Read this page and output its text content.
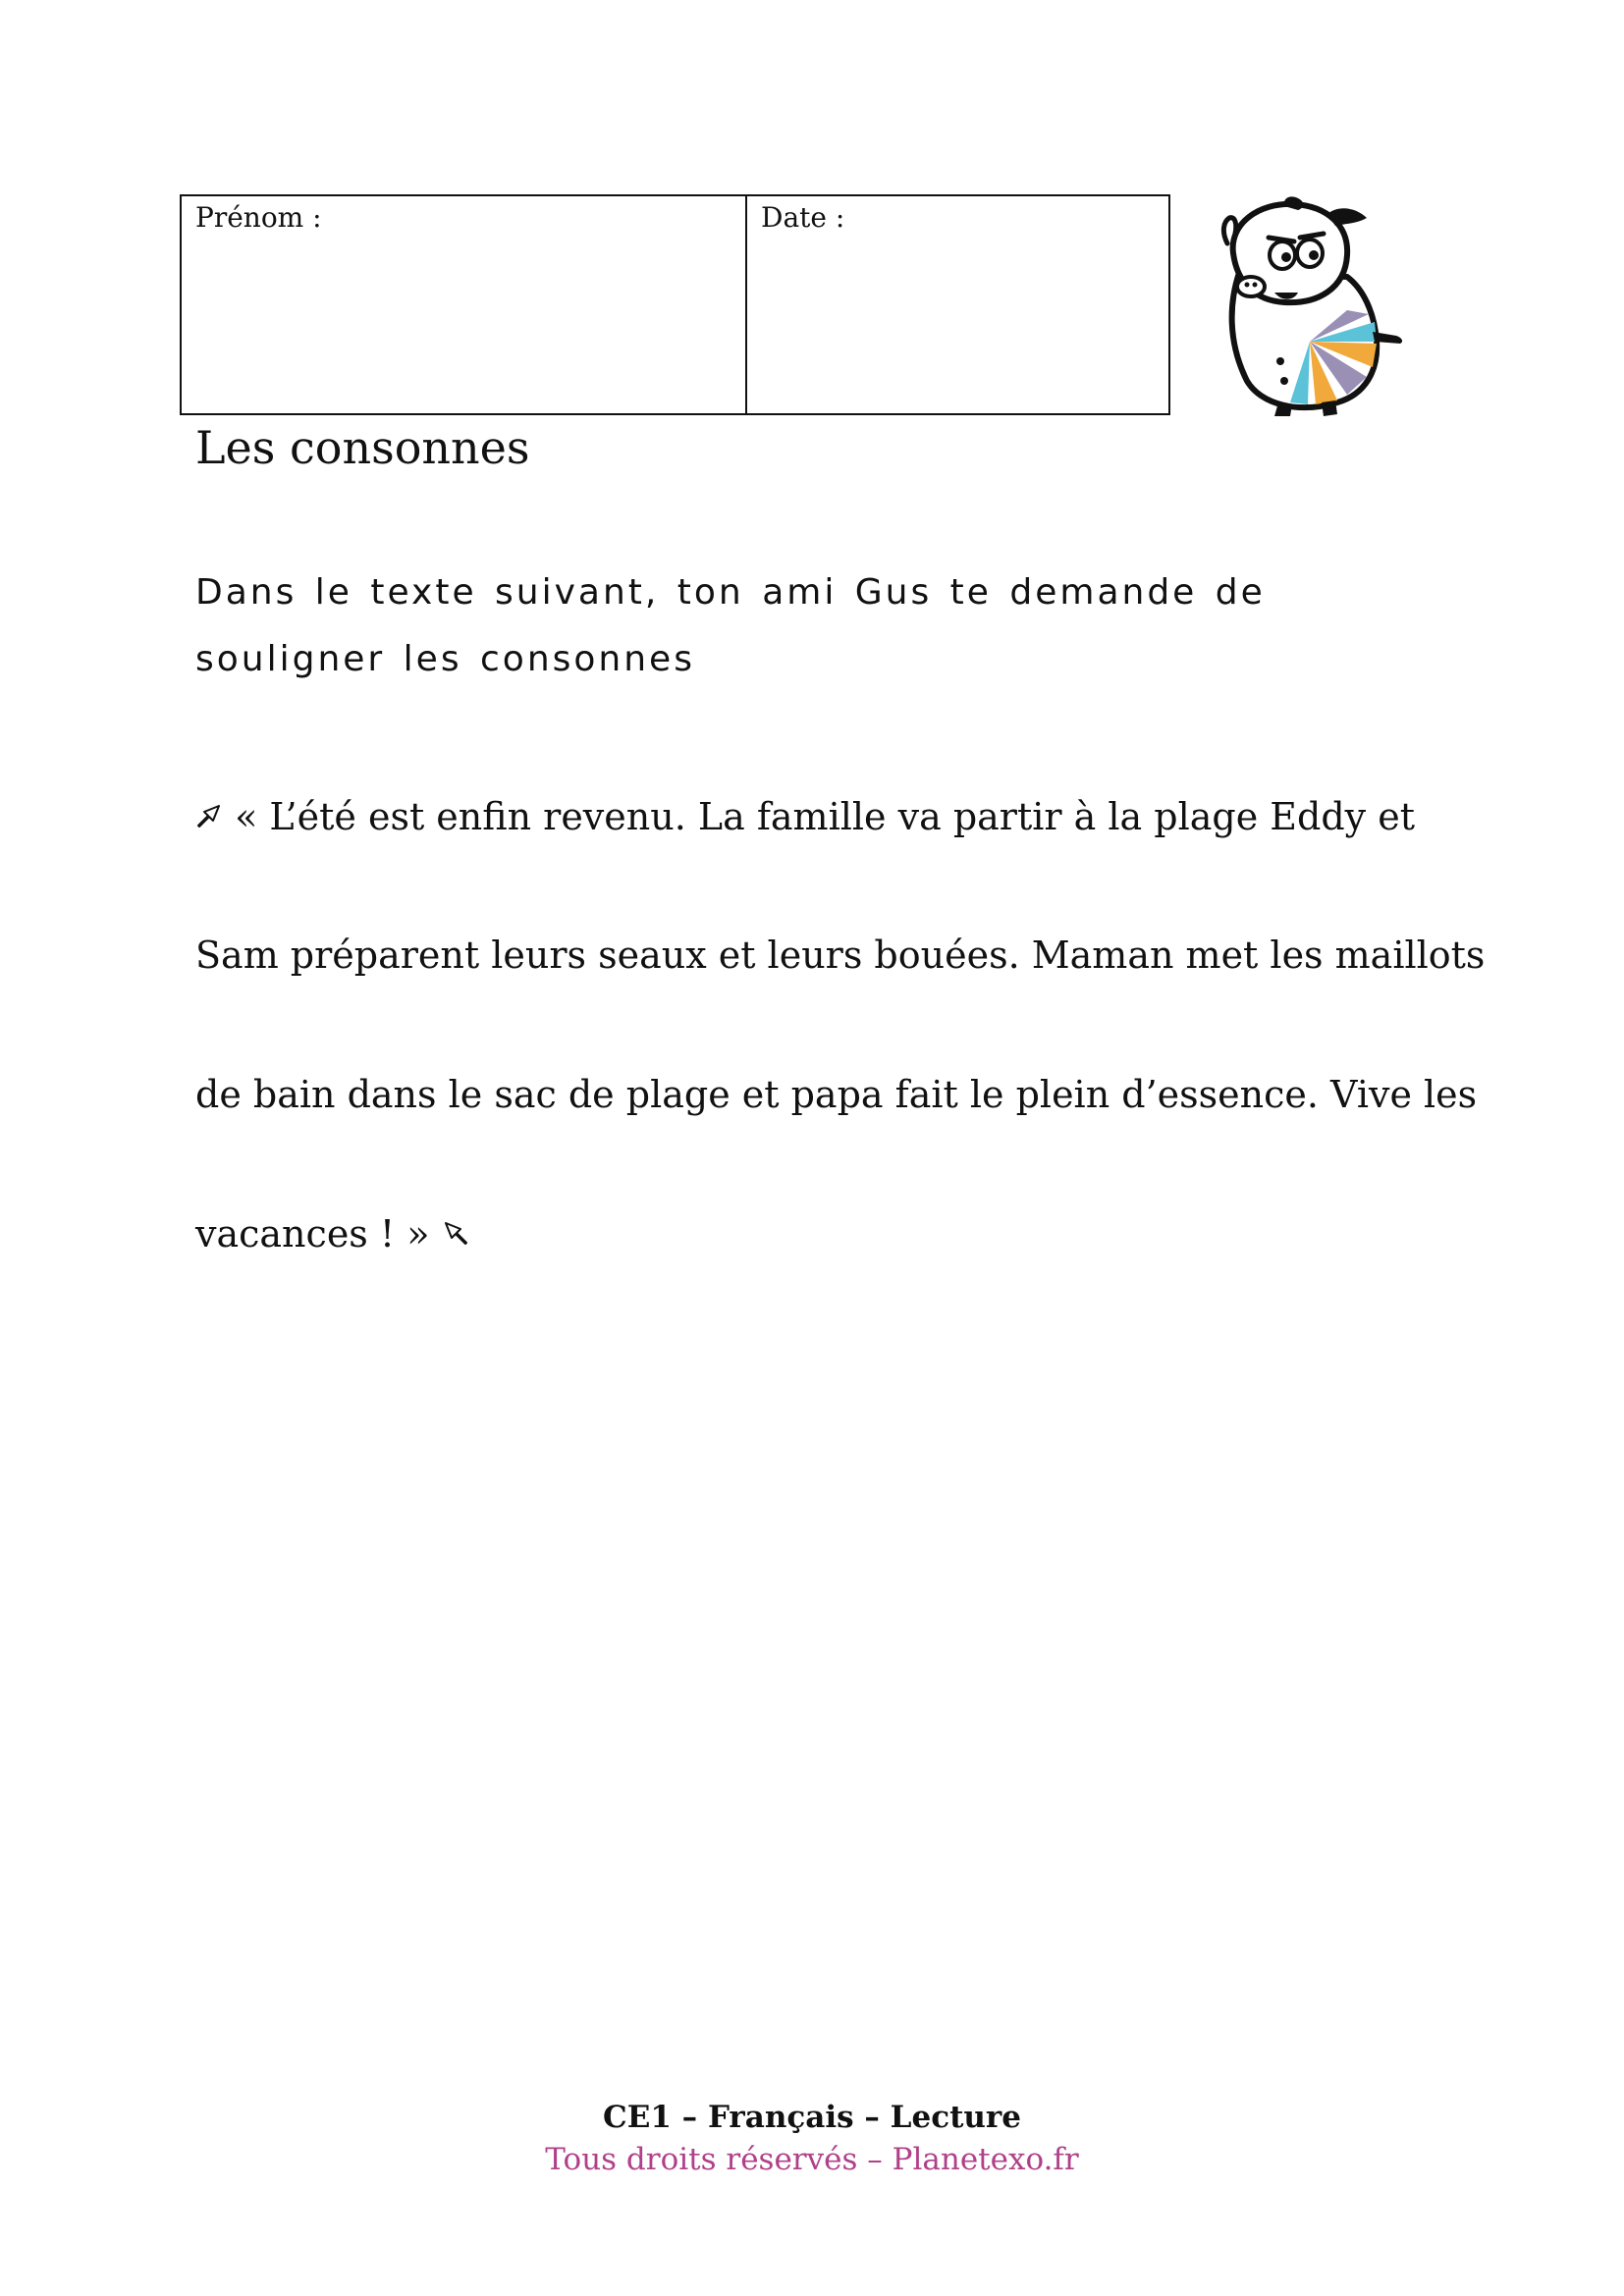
Prénom :	Date :
Les consonnes
Dans le texte suivant, ton ami Gus te demande de souligner les consonnes
« L’été est enfin revenu. La famille va partir à la plage Eddy et
Sam préparent leurs seaux et leurs bouées. Maman met les maillots
de bain dans le sac de plage et papa fait le plein d’essence. Vive les
vacances ! »
CE1 – Français – Lecture
Tous droits réservés – Planetexo.fr
